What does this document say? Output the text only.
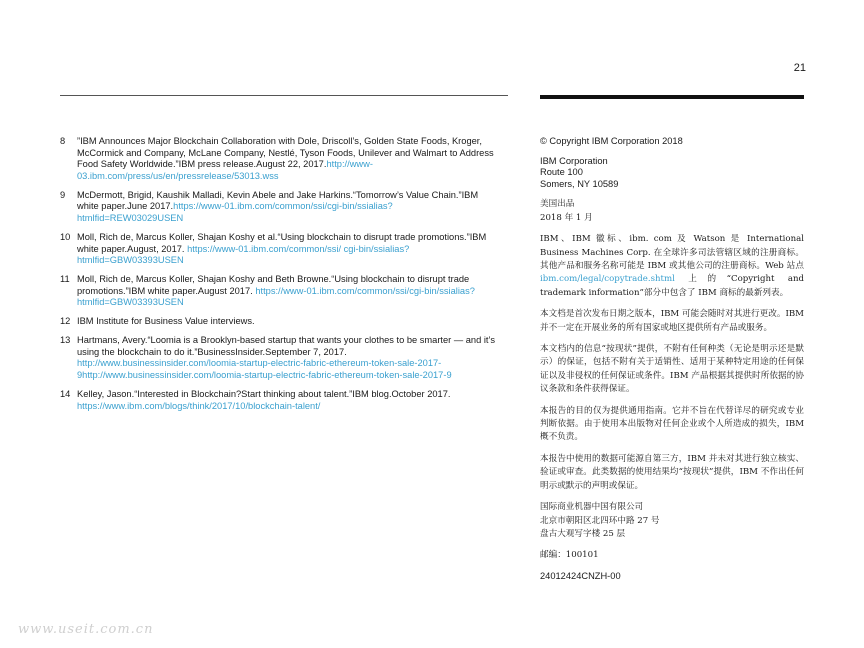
21
8	”IBM Announces Major Blockchain Collaboration with Dole, Driscoll’s, Golden State Foods, Kroger, McCormick and Company, McLane Company, Nestlé, Tyson Foods, Unilever and Walmart to Address Food Safety Worldwide.”IBM press release.August 22, 2017.http://www-03.ibm.com/press/us/en/pressrelease/53013.wss
9	McDermott, Brigid, Kaushik Malladi, Kevin Abele and Jake Harkins.“Tomorrow’s Value Chain.”IBM white paper.June 2017.https://www-01.ibm.com/common/ssi/cgi-bin/ssialias?htmlfid=REW03029USEN
10 Moll, Rich de, Marcus Koller, Shajan Koshy et al.“Using blockchain to disrupt trade promotions.”IBM white paper.August, 2017. https://www-01.ibm.com/common/ssi/ cgi-bin/ssialias?htmlfid=GBW03393USEN
11 Moll, Rich de, Marcus Koller, Shajan Koshy and Beth Browne.“Using blockchain to disrupt trade promotions.”IBM white paper.August 2017. https://www-01.ibm.com/common/ssi/cgi-bin/ssialias?htmlfid=GBW03393USEN
12 IBM Institute for Business Value interviews.
13 Hartmans, Avery.“Loomia is a Brooklyn-based startup that wants your clothes to be smarter — and it’s using the blockchain to do it.”BusinessInsider.September 7, 2017.
http://www.businessinsider.com/loomia-startup-electric-fabric-ethereum-token-sale-2017-9http://www.businessinsider.com/loomia-startup-electric-fabric-ethereum-token-sale-2017-9
14 Kelley, Jason.“Interested in Blockchain?Start thinking about talent.”IBM blog.October 2017.
https://www.ibm.com/blogs/think/2017/10/blockchain-talent/
© Copyright IBM Corporation 2018
IBM Corporation
Route 100
Somers, NY 10589
美国出品
2018 年 1 月
IBM、IBM 徽标、ibm. com 及 Watson 是 International Business Machines Corp. 在全球许多司法管辖区域的注册商标。其他产品和服务名称可能是 IBM 或其他公司的注册商标。Web 站点 ibm.com/legal/copytrade.shtml 上的“Copyright and trademark information”部分中包含了 IBM 商标的最新列表。
本文档是首次发布日期之版本，IBM 可能会随时对其进行更改。IBM 并不一定在开展业务的所有国家或地区提供所有产品或服务。
本文档内的信息“按现状”提供，不附有任何种类（无论是明示还是默示）的保证，包括不附有关于适销性、适用于某种特定用途的任何保证以及非侵权的任何保证或条件。IBM 产品根据其提供时所依据的协议条款和条件获得保证。
本报告的目的仅为提供通用指南。它并不旨在代替详尽的研究或专业判断依据。由于使用本出版物对任何企业或个人所造成的损失，IBM 概不负责。
本报告中使用的数据可能源自第三方，IBM 并未对其进行独立核实、验证或审查。此类数据的使用结果均“按现状”提供，IBM 不作出任何明示或默示的声明或保证。
国际商业机器中国有限公司
北京市朝阳区北四环中路 27 号
盘古大观写字楼 25 层
邮编：100101
24012424CNZH-00
www.useit.com.cn
